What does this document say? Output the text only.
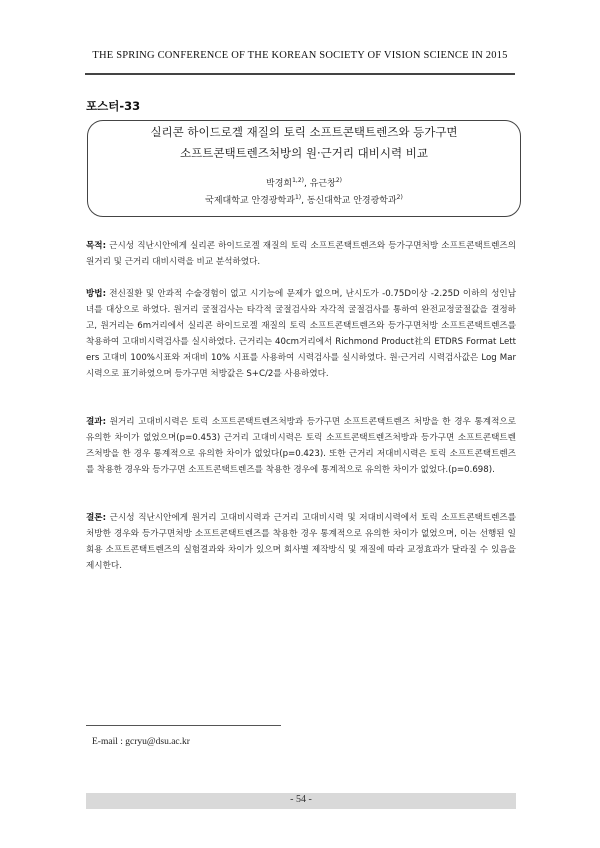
THE SPRING CONFERENCE OF THE KOREAN SOCIETY OF VISION SCIENCE IN 2015
포스터-33
실리콘 하이드로겔 재질의 토릭 소프트콘택트렌즈와 등가구면
소프트콘택트렌즈처방의 원·근거리 대비시력 비교
박경희$^{1,2)}$, 유근창$^{2)}$
국제대학교 안경광학과$^{1)}$, 동신대학교 안경광학과$^{2)}$
목적: 근시성 직난시안에게 실리콘 하이드로겔 재질의 토릭 소프트콘택트렌즈와 등가구면처방 소프트콘택트렌즈의 원거리 및 근거리 대비시력을 비교 분석하였다.
방법: 전신질환 및 안과적 수술경험이 없고 시기능에 문제가 없으며, 난시도가 -0.75D이상 -2.25D 이하의 성인남녀를 대상으로 하였다. 원거리 굴절검사는 타각적 굴절검사와 자각적 굴절검사를 통하여 완전교정굴절값을 결정하고, 원거리는 6m거리에서 실리콘 하이드로겔 재질의 토릭 소프트콘택트렌즈와 등가구면처방 소프트콘택트렌즈를 착용하여 고대비시력검사를 실시하였다. 근거리는 40cm거리에서 Richmond Product社의 ETDRS Format Letters 고대비 100%시표와 저대비 10% 시표를 사용하여 시력검사를 실시하였다. 원·근거리 시력검사값은 Log Mar 시력으로 표기하였으며 등가구면 처방값은 S+C/2를 사용하였다.
결과: 원거리 고대비시력은 토릭 소프트콘택트렌즈처방과 등가구면 소프트콘택트렌즈 처방을 한 경우 통계적으로 유의한 차이가 없었으며(p=0.453) 근거리 고대비시력은 토릭 소프트콘택트렌즈처방과 등가구면 소프트콘택트렌즈처방을 한 경우 통계적으로 유의한 차이가 없었다(p=0.423). 또한 근거리 저대비시력은 토릭 소프트콘택트렌즈를 착용한 경우와 등가구면 소프트콘택트렌즈를 착용한 경우에 통계적으로 유의한 차이가 없었다.(p=0.698).
결론: 근시성 직난시안에게 원거리 고대비시력과 근거리 고대비시력 및 저대비시력에서 토릭 소프트콘택트렌즈를 처방한 경우와 등가구면처방 소프트콘택트렌즈를 착용한 경우 통계적으로 유의한 차이가 없었으며, 이는 선행된 일회용 소프트콘택트렌즈의 실험결과와 차이가 있으며 회사별 제작방식 및 재질에 따라 교정효과가 달라질 수 있음을 제시한다.
E-mail : gcryu@dsu.ac.kr
- 54 -
